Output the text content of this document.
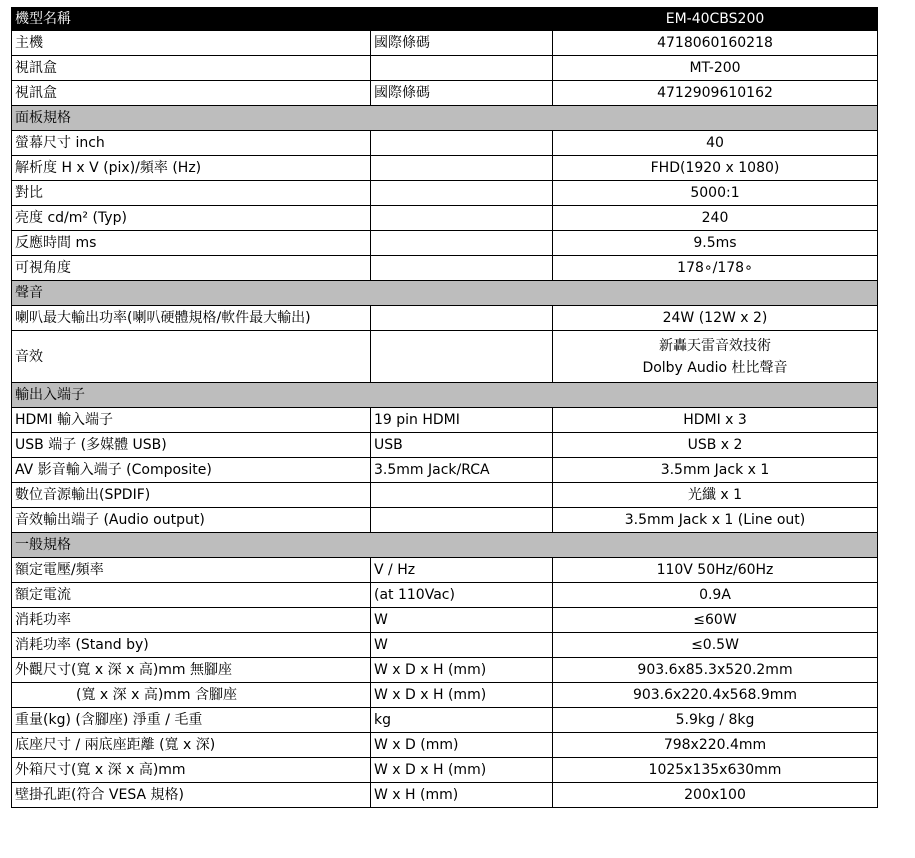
機型名稱		EM-40CBS200
主機	國際條碼	4718060160218
視訊盒		MT-200
視訊盒	國際條碼	4712909610162
面板規格		
螢幕尺寸 inch		40
解析度 H x V (pix)/頻率 (Hz)		FHD(1920 x 1080)
對比		5000:1
亮度 cd/m² (Typ)		240
反應時間 ms		9.5ms
可視角度		178∘/178∘
聲音		
喇叭最大輸出功率(喇叭硬體規格/軟件最大輸出)		24W (12W x 2)
音效		新轟天雷音效技術
Dolby Audio 杜比聲音

輸出入端子		
HDMI 輸入端子	19 pin HDMI	HDMI x 3
USB 端子 (多媒體 USB)	USB	USB x 2
AV 影音輸入端子 (Composite)	3.5mm Jack/RCA	3.5mm Jack x 1
數位音源輸出(SPDIF)		光纖 x 1
音效輸出端子 (Audio output)		3.5mm Jack x 1 (Line out)
一般規格		
額定電壓/頻率	V / Hz	110V 50Hz/60Hz
額定電流	(at 110Vac)	0.9A
消耗功率	W	≤60W
消耗功率 (Stand by)	W	≤0.5W
外觀尺寸(寬 x 深 x 高)mm 無腳座	W x D x H (mm)	903.6x85.3x520.2mm
(寬 x 深 x 高)mm 含腳座	W x D x H (mm)	903.6x220.4x568.9mm
重量(kg) (含腳座) 淨重 / 毛重	kg	5.9kg / 8kg
底座尺寸 / 兩底座距離 (寬 x 深)	W x D (mm)	798x220.4mm
外箱尺寸(寬 x 深 x 高)mm	W x D x H (mm)	1025x135x630mm
壁掛孔距(符合 VESA 規格)	W x H (mm)	200x100
